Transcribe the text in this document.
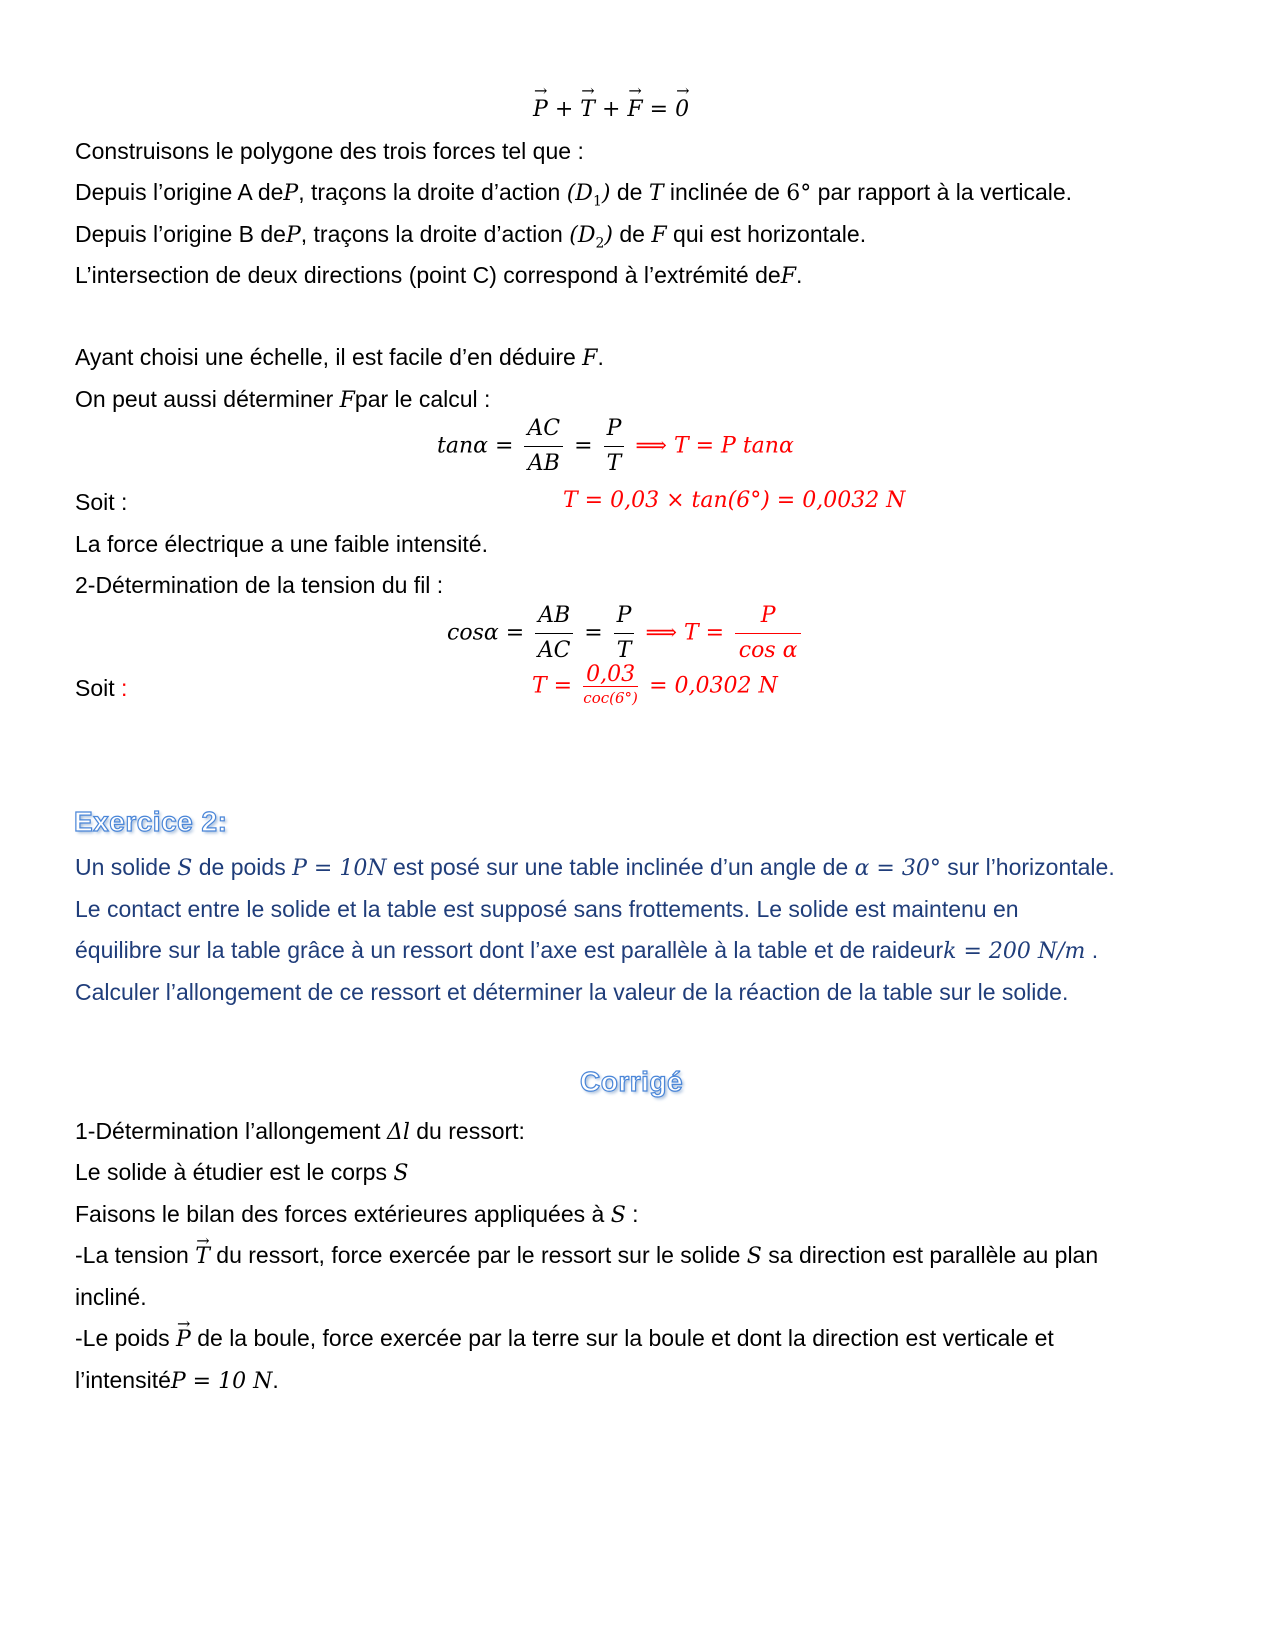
→ P + → T + → F = → 0
Construisons le polygone des trois forces tel que :
Depuis l’origine A deP, traçons la droite d’action $(D_1)$ de T inclinée de 6° par rapport à la verticale.
Depuis l’origine B deP, traçons la droite d’action $(D_2)$ de F qui est horizontale.
L’intersection de deux directions (point C) correspond à l’extrémité deF.
Ayant choisi une échelle, il est facile d’en déduire F.
On peut aussi déterminer Fpar le calcul :
$\tan\alpha = \frac{AC}{AB} = \frac{P}{T}$ ⟹ T = P tanα
Soit :	T = 0,03 × tan(6°) = 0,0032 N
La force électrique a une faible intensité.
2-Détermination de la tension du fil :
$\cos\alpha = \frac{AB}{AC} = \frac{P}{T}$ ⟹ $T = \frac{P}{\text{cos α}}$
Soit :	$T = \frac{0,03}{\text{coc(6°)}} = 0,0302$ N
Exercice 2:
Un solide S de poids P = 10N est posé sur une table inclinée d’un angle de α = 30° sur l’horizontale.
Le contact entre le solide et la table est supposé sans frottements. Le solide est maintenu en
équilibre sur la table grâce à un ressort dont l’axe est parallèle à la table et de raideurk = 200 N/m .
Calculer l’allongement de ce ressort et déterminer la valeur de la réaction de la table sur le solide.
Corrigé
1-Détermination l’allongement Δl du ressort:
Le solide à étudier est le corps S
Faisons le bilan des forces extérieures appliquées à S :
-La tension → T du ressort, force exercée par le ressort sur le solide S sa direction est parallèle au plan
incliné.
-Le poids → P de la boule, force exercée par la terre sur la boule et dont la direction est verticale et
l’intensitéP = 10 N.
